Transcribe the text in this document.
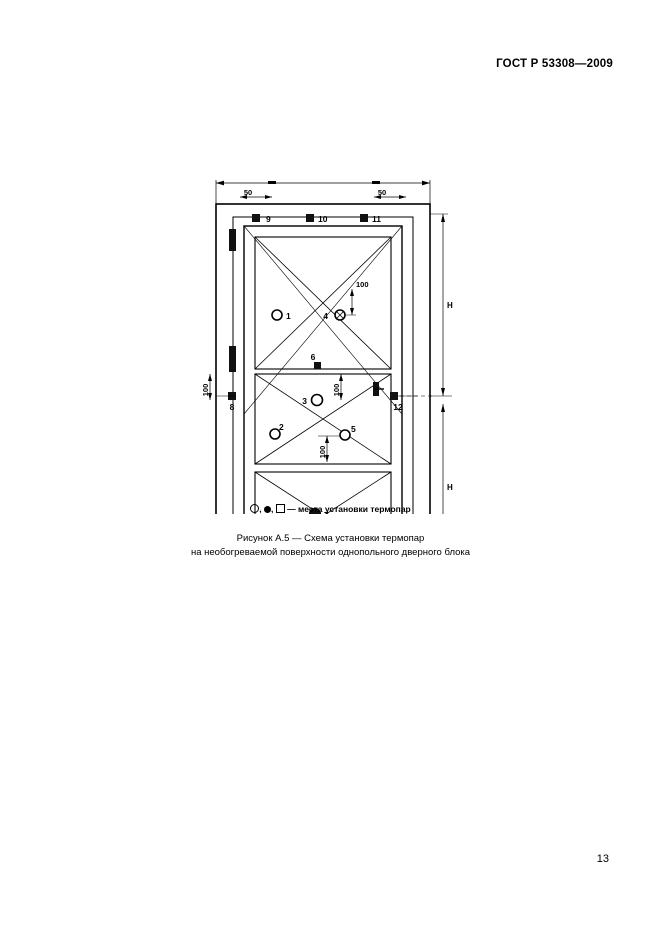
ГОСТ Р 53308—2009
50	50
H
H
100
100	100
100
1	4
6
3
2	5
8	12
9	10	11
, ,  — места установки термопар
Рисунок А.5 — Схема установки термопар
на необогреваемой поверхности однопольного дверного блока
13
